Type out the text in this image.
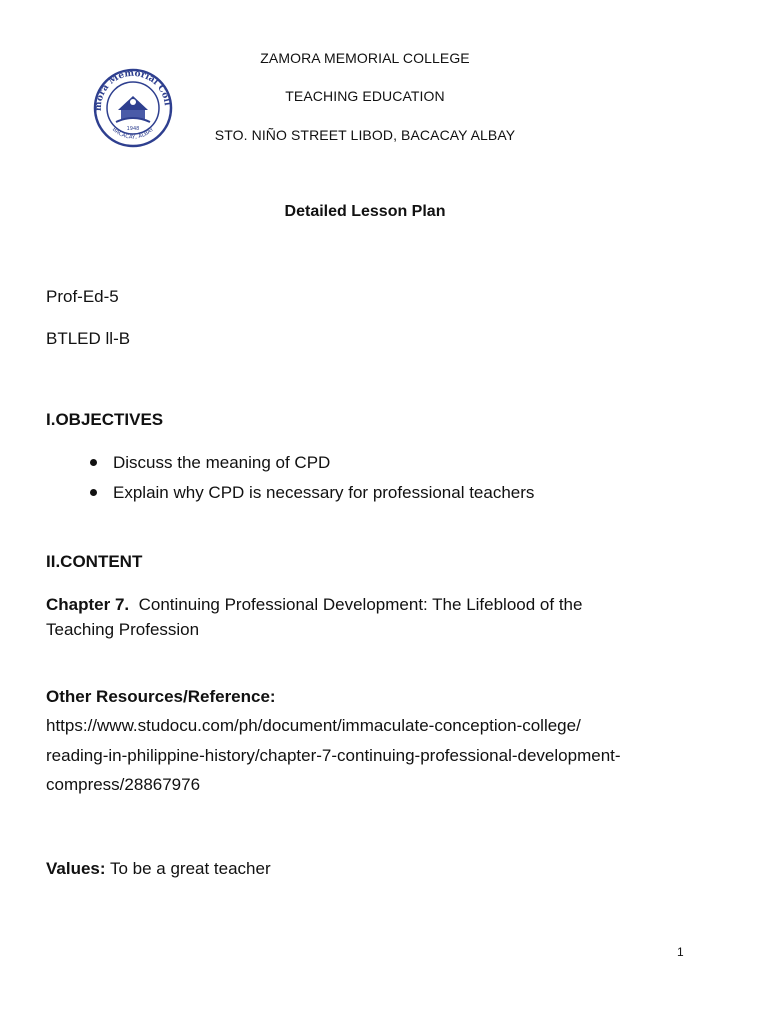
mora Memorial Coll
BACACAY, ALBAY
1948
ZAMORA MEMORIAL COLLEGE
TEACHING EDUCATION
STO. NIÑO STREET LIBOD, BACACAY ALBAY
Detailed Lesson Plan
Prof-Ed-5
BTLED ll-B
I.OBJECTIVES
Discuss the meaning of CPD
Explain why CPD is necessary for professional teachers
II.CONTENT
Chapter 7. Continuing Professional Development: The Lifeblood of the
Teaching Profession
Other Resources/Reference:
https://www.studocu.com/ph/document/immaculate-conception-college/
reading-in-philippine-history/chapter-7-continuing-professional-development-
compress/28867976
Values: To be a great teacher
1
